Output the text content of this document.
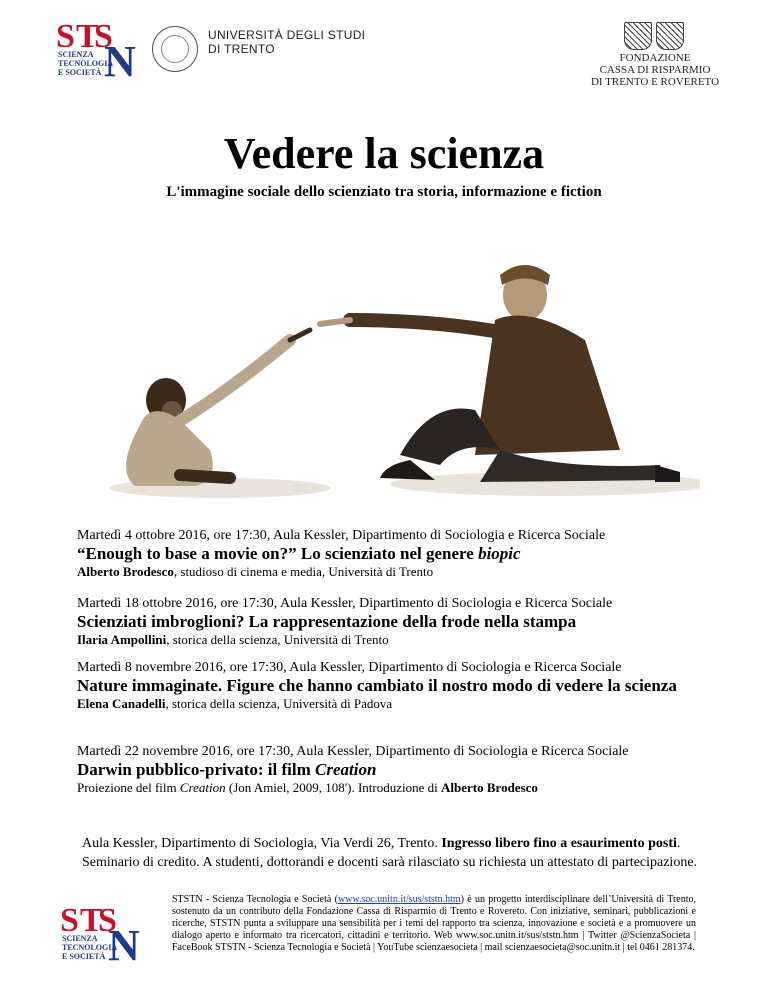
S T
S
N
SCIENZA
TECNOLOGIA
E SOCIETÀ
UNIVERSITÀ DEGLI STUDI
DI TRENTO
FONDAZIONE
CASSA DI RISPARMIO
DI TRENTO E ROVERETO
Vedere la scienza
L'immagine sociale dello scienziato tra storia, informazione e fiction
Martedì 4 ottobre 2016, ore 17:30, Aula Kessler, Dipartimento di Sociologia e Ricerca Sociale
“Enough to base a movie on?” Lo scienziato nel genere biopic
Alberto Brodesco, studioso di cinema e media, Università di Trento
Martedì 18 ottobre 2016, ore 17:30, Aula Kessler, Dipartimento di Sociologia e Ricerca Sociale
Scienziati imbroglioni? La rappresentazione della frode nella stampa
Ilaria Ampollini, storica della scienza, Università di Trento
Martedì 8 novembre 2016, ore 17:30, Aula Kessler, Dipartimento di Sociologia e Ricerca Sociale
Nature immaginate. Figure che hanno cambiato il nostro modo di vedere la scienza
Elena Canadelli, storica della scienza, Università di Padova
Martedì 22 novembre 2016, ore 17:30, Aula Kessler, Dipartimento di Sociologia e Ricerca Sociale
Darwin pubblico-privato: il film Creation
Proiezione del film Creation (Jon Amiel, 2009, 108'). Introduzione di Alberto Brodesco
Aula Kessler, Dipartimento di Sociologia, Via Verdi 26, Trento. Ingresso libero fino a esaurimento posti.
Seminario di credito. A studenti, dottorandi e docenti sarà rilasciato su richiesta un attestato di partecipazione.
S T
S
N
SCIENZA
TECNOLOGIA
E SOCIETÀ
STSTN - Scienza Tecnologia e Società (www.soc.unitn.it/sus/ststn.htm) è un progetto interdisciplinare dell’Università di Trento, sostenuto da un contributo della Fondazione Cassa di Risparmio di Trento e Rovereto. Con iniziative, seminari, pubblicazioni e ricerche, STSTN punta a sviluppare una sensibilità per i temi del rapporto tra scienza, innovazione e società e a promuovere un dialogo aperto e informato tra ricercatori, cittadini e territorio. Web www.soc.unitn.it/sus/ststn.htm | Twitter @ScienzaSocieta | FaceBook STSTN - Scienza Tecnologia e Società | YouTube scienzaesocieta | mail scienzaesocieta@soc.unitn.it | tel 0461 281374.
